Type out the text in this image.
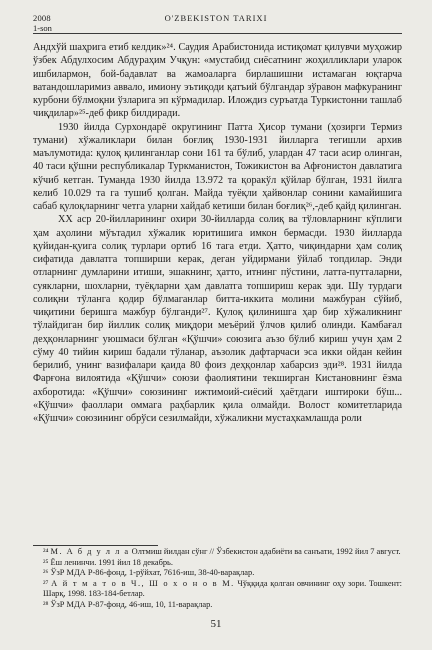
2008
1-son
O'ZBEKISTON TARIXI

Андхўй шаҳрига етиб келдик»²⁴. Саудия Арабистонида истиқомат қилувчи муҳожир ўзбек Абдулхосим Абдураҳим Учқун: «мустабид сиёсатнинг жоҳилликлари уларок ишбилармон, бой-бадавлат ва жамоаларга бирлашишни истамаган юқтарча ватандошларимиз аввало, имиону эътиқоди қатъий бўлгандар зўравон мафкуранинг курбони бўлмоқни ўзларига эп кўрмадилар. Илождиз суръатда Туркистонни ташлаб чиқдилар»²⁵-деб фикр билдиради.

1930 йилда Сурхондарё округининг Патта Ҳисор тумани (ҳозирги Термиз тумани) хўжаликлари билан боғлиқ 1930-1931 йилларга тегишли архив маълумотида: қулоқ қилинганлар сони 161 та бўлиб, улардан 47 таси асир олинган, 40 таси қўшни республикалар Туркманистон, Тожикистон ва Афғонистон давлатига кўчиб кетган. Туманда 1930 йилда 13.972 та қоракўл қўйлар бўлган, 1931 йилга келиб 10.029 та га тушиб қолган. Майда туёқли ҳайвонлар сонини камайишига сабаб қулоқларнинг четга уларни хайдаб кетиши билан боғлиқ²⁶,-деб қайд қилинган.

XX аср 20-йилларининг охири 30-йилларда солиқ ва тўловларнинг кўплиги ҳам аҳолини мўътадил хўжалик юритишига имкон бермасди. 1930 йилларда қуйидан-қуига солиқ турлари ортиб 16 тага етди. Ҳатто, чиқиндарни ҳам солиқ сифатида давлатга топширши керак, деган уйдирмани ўйлаб топдилар. Энди отларнинг думларини итиши, эшакнинг, ҳатто, итнинг пўстини, латта-путталарни, суякларни, шохларни, туёқларни ҳам давлатга топшириш керак эди. Шу турдаги солиқни тўланга қодир бўлмаганлар битта-иккита молини мажбуран сўйиб, чиқитини беришга мажбур бўлганди²⁷. Қулоқ қилинишга ҳар бир хўжаликнинг тўлайдиган бир йиллик солиқ миқдори меъёрий ўлчов қилиб олинди. Камбағал деҳқонларнинг уюшмаси бўлган «Қўшчи» союзига аъзо бўлиб кириш учун ҳам 2 сўму 40 тийин кириш бадали тўланар, аъзолик дафтарчаси эса икки ойдан кейин берилиб, унинг вазифалари қаида 80 фоиз деҳқонлар хабарсиз эди²⁸. 1931 йилда Фарғона вилоятида «Қўшчи» союзи фаолиятини текширган Кистановнинг ёзма ахборотида: «Қўшчи» союзининг ижтимоий-сиёсий ҳаётдаги иштироки бўш... «Қўшчи» фаоллари оммага раҳбарлик қила олмайди. Волост комитетларида «Қўшчи» союзининг обрўси сезилмайди, хўжаликни мустаҳкамлашда роли

²⁴ М. А б д у л л а Олтмиш йилдан сўнг // Ўзбекистон адабиёти ва санъати, 1992 йил 7 август.
²⁵ Ёш ленинчи. 1991 йил 18 декабрь.
²⁶ ЎзР МДА Р-86-фонд, 1-рўйхат, 7616-иш, 38-40-варақлар.
²⁷ А й т м а т о в Ч., Ш о х о н о в М. Чўққида қолган овчининг оҳу зори. Тошкент: Шарқ, 1998. 183-184-бетлар.
²⁸ ЎзР МДА Р-87-фонд, 46-иш, 10, 11-варақлар.
51
